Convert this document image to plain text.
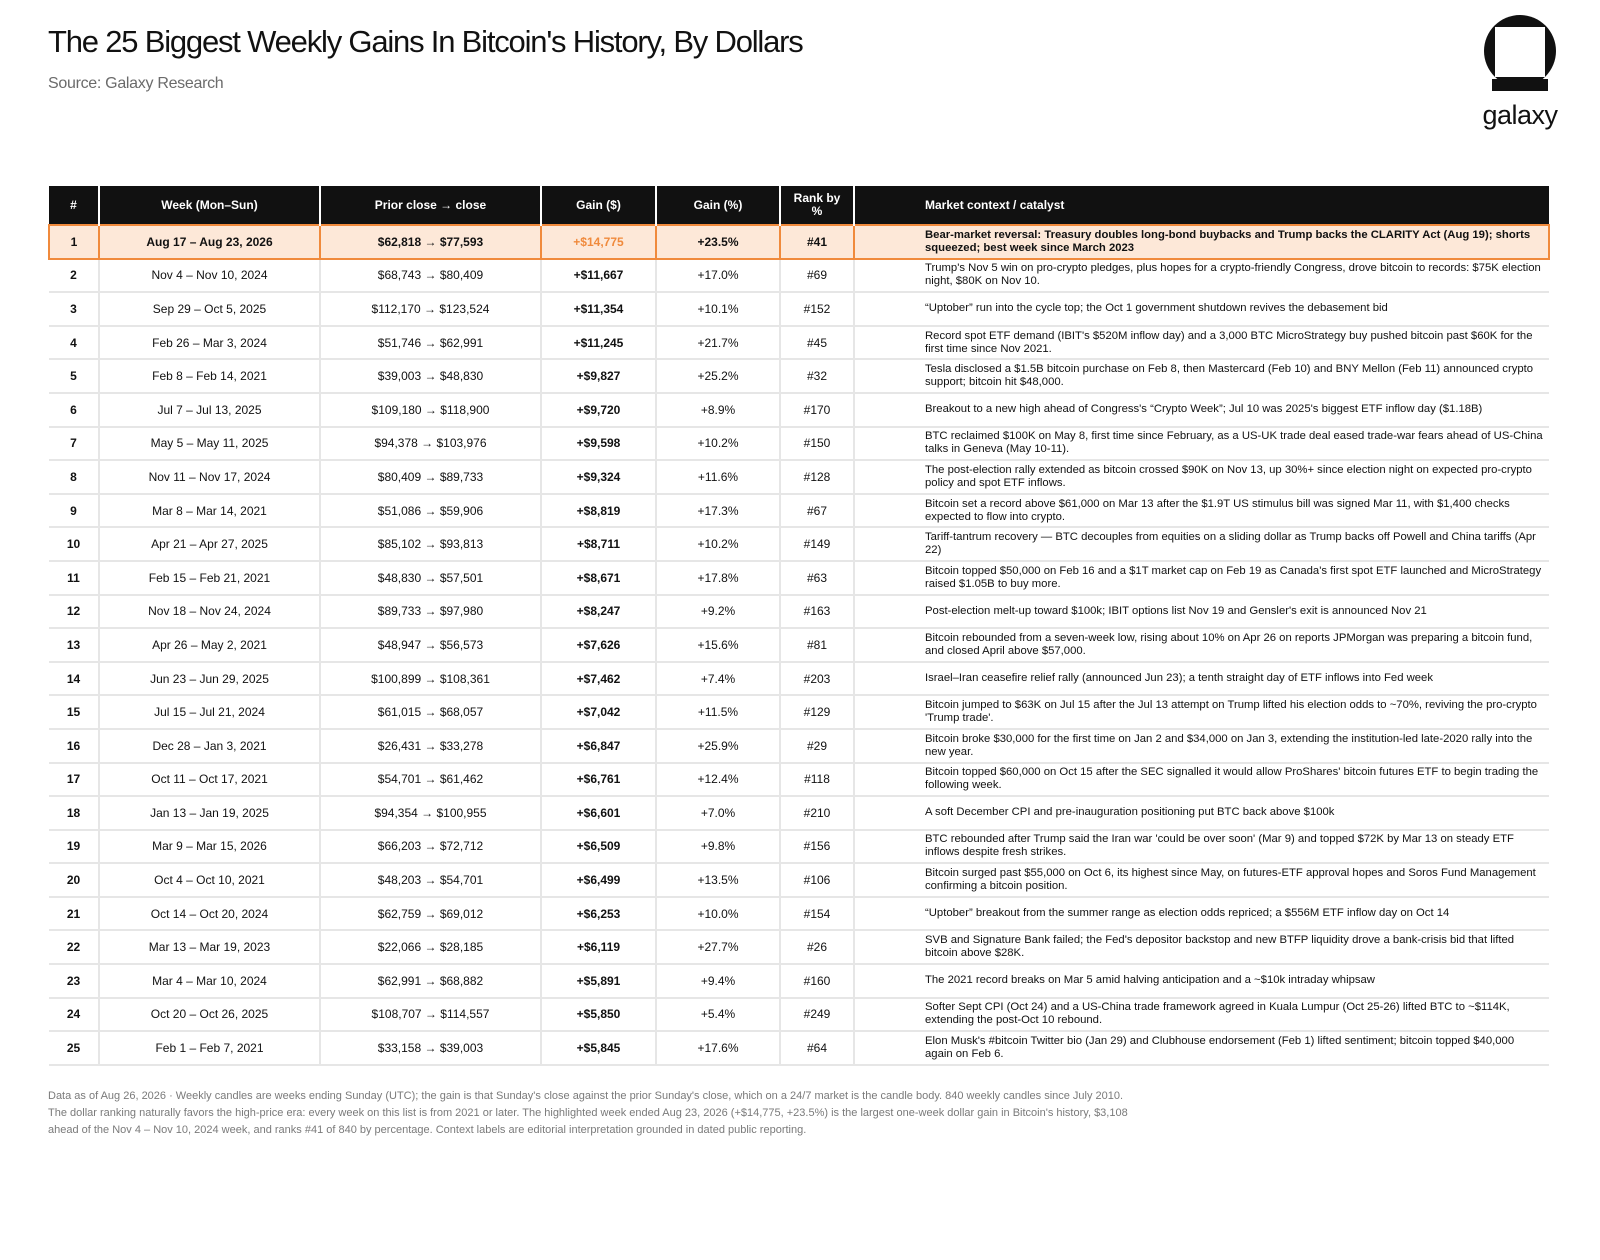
The 25 Biggest Weekly Gains In Bitcoin's History, By Dollars
Source: Galaxy Research
galaxy
#	Week (Mon–Sun)	Prior close → close	Gain ($)	Gain (%)	Rank by %	Market context / catalyst
1	Aug 17 – Aug 23, 2026	$62,818 → $77,593	+$14,775	+23.5%	#41	Bear-market reversal: Treasury doubles long-bond buybacks and Trump backs the CLARITY Act (Aug 19); shorts squeezed; best week since March 2023
2	Nov 4 – Nov 10, 2024	$68,743 → $80,409	+$11,667	+17.0%	#69	Trump's Nov 5 win on pro-crypto pledges, plus hopes for a crypto-friendly Congress, drove bitcoin to records: $75K election night, $80K on Nov 10.
3	Sep 29 – Oct 5, 2025	$112,170 → $123,524	+$11,354	+10.1%	#152	“Uptober” run into the cycle top; the Oct 1 government shutdown revives the debasement bid
4	Feb 26 – Mar 3, 2024	$51,746 → $62,991	+$11,245	+21.7%	#45	Record spot ETF demand (IBIT's $520M inflow day) and a 3,000 BTC MicroStrategy buy pushed bitcoin past $60K for the first time since Nov 2021.
5	Feb 8 – Feb 14, 2021	$39,003 → $48,830	+$9,827	+25.2%	#32	Tesla disclosed a $1.5B bitcoin purchase on Feb 8, then Mastercard (Feb 10) and BNY Mellon (Feb 11) announced crypto support; bitcoin hit $48,000.
6	Jul 7 – Jul 13, 2025	$109,180 → $118,900	+$9,720	+8.9%	#170	Breakout to a new high ahead of Congress's “Crypto Week”; Jul 10 was 2025's biggest ETF inflow day ($1.18B)
7	May 5 – May 11, 2025	$94,378 → $103,976	+$9,598	+10.2%	#150	BTC reclaimed $100K on May 8, first time since February, as a US-UK trade deal eased trade-war fears ahead of US-China talks in Geneva (May 10-11).
8	Nov 11 – Nov 17, 2024	$80,409 → $89,733	+$9,324	+11.6%	#128	The post-election rally extended as bitcoin crossed $90K on Nov 13, up 30%+ since election night on expected pro-crypto policy and spot ETF inflows.
9	Mar 8 – Mar 14, 2021	$51,086 → $59,906	+$8,819	+17.3%	#67	Bitcoin set a record above $61,000 on Mar 13 after the $1.9T US stimulus bill was signed Mar 11, with $1,400 checks expected to flow into crypto.
10	Apr 21 – Apr 27, 2025	$85,102 → $93,813	+$8,711	+10.2%	#149	Tariff-tantrum recovery — BTC decouples from equities on a sliding dollar as Trump backs off Powell and China tariffs (Apr 22)
11	Feb 15 – Feb 21, 2021	$48,830 → $57,501	+$8,671	+17.8%	#63	Bitcoin topped $50,000 on Feb 16 and a $1T market cap on Feb 19 as Canada's first spot ETF launched and MicroStrategy raised $1.05B to buy more.
12	Nov 18 – Nov 24, 2024	$89,733 → $97,980	+$8,247	+9.2%	#163	Post-election melt-up toward $100k; IBIT options list Nov 19 and Gensler's exit is announced Nov 21
13	Apr 26 – May 2, 2021	$48,947 → $56,573	+$7,626	+15.6%	#81	Bitcoin rebounded from a seven-week low, rising about 10% on Apr 26 on reports JPMorgan was preparing a bitcoin fund, and closed April above $57,000.
14	Jun 23 – Jun 29, 2025	$100,899 → $108,361	+$7,462	+7.4%	#203	Israel–Iran ceasefire relief rally (announced Jun 23); a tenth straight day of ETF inflows into Fed week
15	Jul 15 – Jul 21, 2024	$61,015 → $68,057	+$7,042	+11.5%	#129	Bitcoin jumped to $63K on Jul 15 after the Jul 13 attempt on Trump lifted his election odds to ~70%, reviving the pro-crypto 'Trump trade'.
16	Dec 28 – Jan 3, 2021	$26,431 → $33,278	+$6,847	+25.9%	#29	Bitcoin broke $30,000 for the first time on Jan 2 and $34,000 on Jan 3, extending the institution-led late-2020 rally into the new year.
17	Oct 11 – Oct 17, 2021	$54,701 → $61,462	+$6,761	+12.4%	#118	Bitcoin topped $60,000 on Oct 15 after the SEC signalled it would allow ProShares' bitcoin futures ETF to begin trading the following week.
18	Jan 13 – Jan 19, 2025	$94,354 → $100,955	+$6,601	+7.0%	#210	A soft December CPI and pre-inauguration positioning put BTC back above $100k
19	Mar 9 – Mar 15, 2026	$66,203 → $72,712	+$6,509	+9.8%	#156	BTC rebounded after Trump said the Iran war 'could be over soon' (Mar 9) and topped $72K by Mar 13 on steady ETF inflows despite fresh strikes.
20	Oct 4 – Oct 10, 2021	$48,203 → $54,701	+$6,499	+13.5%	#106	Bitcoin surged past $55,000 on Oct 6, its highest since May, on futures-ETF approval hopes and Soros Fund Management confirming a bitcoin position.
21	Oct 14 – Oct 20, 2024	$62,759 → $69,012	+$6,253	+10.0%	#154	“Uptober” breakout from the summer range as election odds repriced; a $556M ETF inflow day on Oct 14
22	Mar 13 – Mar 19, 2023	$22,066 → $28,185	+$6,119	+27.7%	#26	SVB and Signature Bank failed; the Fed's depositor backstop and new BTFP liquidity drove a bank-crisis bid that lifted bitcoin above $28K.
23	Mar 4 – Mar 10, 2024	$62,991 → $68,882	+$5,891	+9.4%	#160	The 2021 record breaks on Mar 5 amid halving anticipation and a ~$10k intraday whipsaw
24	Oct 20 – Oct 26, 2025	$108,707 → $114,557	+$5,850	+5.4%	#249	Softer Sept CPI (Oct 24) and a US-China trade framework agreed in Kuala Lumpur (Oct 25-26) lifted BTC to ~$114K, extending the post-Oct 10 rebound.
25	Feb 1 – Feb 7, 2021	$33,158 → $39,003	+$5,845	+17.6%	#64	Elon Musk's #bitcoin Twitter bio (Jan 29) and Clubhouse endorsement (Feb 1) lifted sentiment; bitcoin topped $40,000 again on Feb 6.
Data as of Aug 26, 2026 · Weekly candles are weeks ending Sunday (UTC); the gain is that Sunday's close against the prior Sunday's close, which on a 24/7 market is the candle body. 840 weekly candles since July 2010. The dollar ranking naturally favors the high-price era: every week on this list is from 2021 or later. The highlighted week ended Aug 23, 2026 (+$14,775, +23.5%) is the largest one-week dollar gain in Bitcoin's history, $3,108 ahead of the Nov 4 – Nov 10, 2024 week, and ranks #41 of 840 by percentage. Context labels are editorial interpretation grounded in dated public reporting.
